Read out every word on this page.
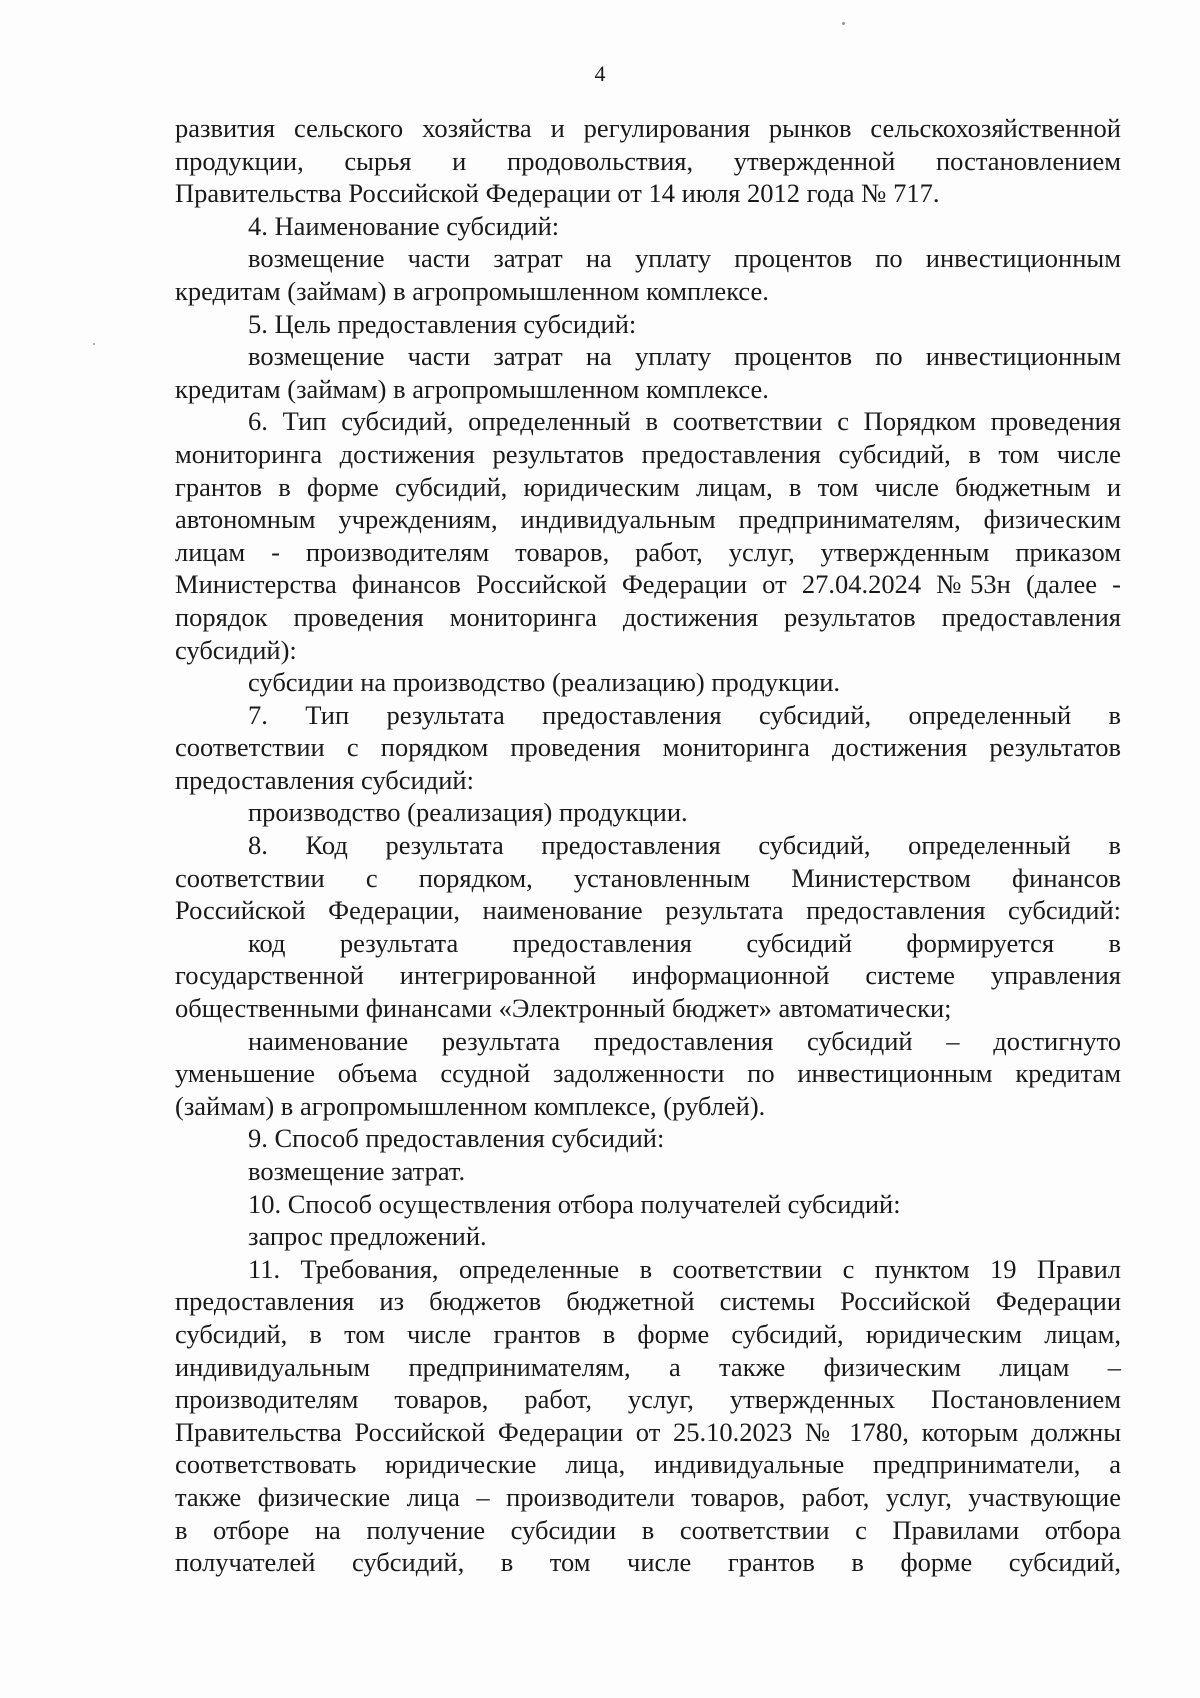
4
развития сельского хозяйства и регулирования рынков сельскохозяйственной
продукции, сырья и продовольствия, утвержденной постановлением
Правительства Российской Федерации от 14 июля 2012 года № 717.
4. Наименование субсидий:
возмещение части затрат на уплату процентов по инвестиционным
кредитам (займам) в агропромышленном комплексе.
5. Цель предоставления субсидий:
возмещение части затрат на уплату процентов по инвестиционным
кредитам (займам) в агропромышленном комплексе.
6. Тип субсидий, определенный в соответствии с Порядком проведения
мониторинга достижения результатов предоставления субсидий, в том числе
грантов в форме субсидий, юридическим лицам, в том числе бюджетным и
автономным учреждениям, индивидуальным предпринимателям, физическим
лицам - производителям товаров, работ, услуг, утвержденным приказом
Министерства финансов Российской Федерации от 27.04.2024 №53н (далее -
порядок проведения мониторинга достижения результатов предоставления
субсидий):
субсидии на производство (реализацию) продукции.
7. Тип результата предоставления субсидий, определенный в
соответствии с порядком проведения мониторинга достижения результатов
предоставления субсидий:
производство (реализация) продукции.
8. Код результата предоставления субсидий, определенный в
соответствии с порядком, установленным Министерством финансов
Российской Федерации, наименование результата предоставления субсидий:
код результата предоставления субсидий формируется в
государственной интегрированной информационной системе управления
общественными финансами «Электронный бюджет» автоматически;
наименование результата предоставления субсидий – достигнуто
уменьшение объема ссудной задолженности по инвестиционным кредитам
(займам) в агропромышленном комплексе, (рублей).
9. Способ предоставления субсидий:
возмещение затрат.
10. Способ осуществления отбора получателей субсидий:
запрос предложений.
11. Требования, определенные в соответствии с пунктом 19 Правил
предоставления из бюджетов бюджетной системы Российской Федерации
субсидий, в том числе грантов в форме субсидий, юридическим лицам,
индивидуальным предпринимателям, а также физическим лицам –
производителям товаров, работ, услуг, утвержденных Постановлением
Правительства Российской Федерации от 25.10.2023 № 1780, которым должны
соответствовать юридические лица, индивидуальные предприниматели, а
также физические лица – производители товаров, работ, услуг, участвующие
в отборе на получение субсидии в соответствии с Правилами отбора
получателей субсидий, в том числе грантов в форме субсидий,
